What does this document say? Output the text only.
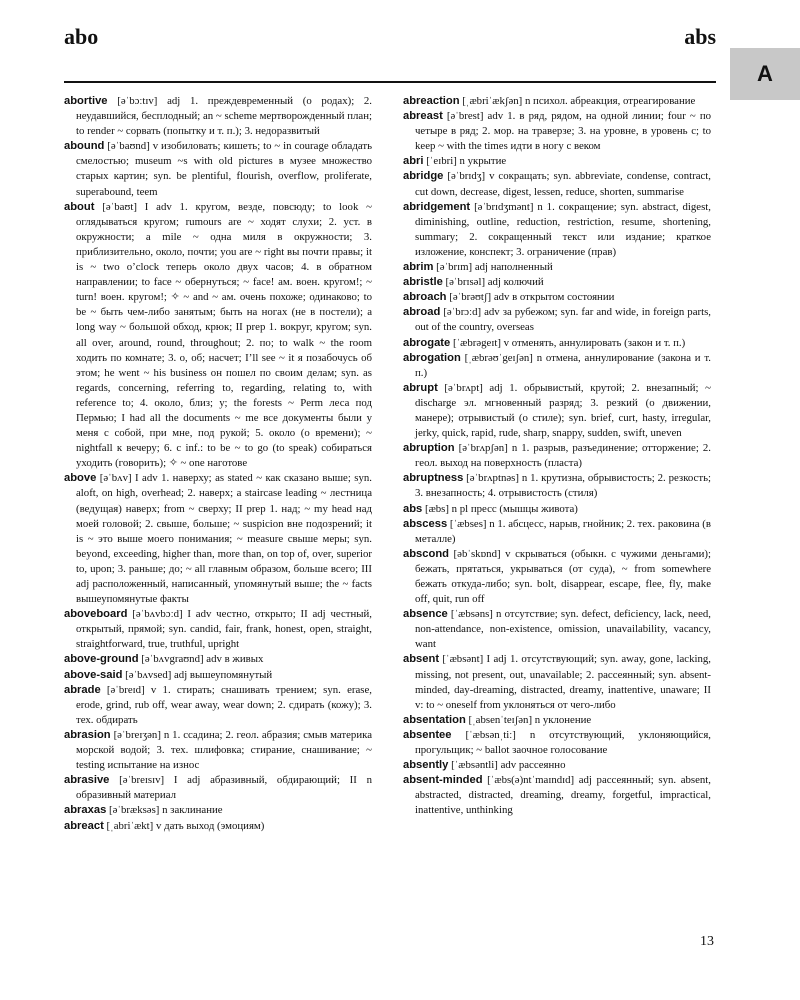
abo	abs
A

abortive [əˈbɔːtɪv] adj 1. преждевременный (о родах); 2. неудавшийся, бесплодный; an ~ scheme мертворожденный план; to render ~ сорвать (попытку и т. п.); 3. недоразвитый

abound [əˈbaʊnd] v изобиловать; кишеть; to ~ in courage обладать смелостью; museum ~s with old pictures в музее множество старых картин; syn. be plentiful, flourish, overflow, proliferate, superabound, teem

about [əˈbaʊt] I adv 1. кругом, везде, повсюду; to look ~ оглядываться кругом; rumours are ~ ходят слухи; 2. уст. в окружности; a mile ~ одна миля в окружности; 3. приблизительно, около, почти; you are ~ right вы почти правы; it is ~ two o’clock теперь около двух часов; 4. в обратном направлении; to face ~ обернуться; ~ face! ам. воен. кругом!; ~ turn! воен. кругом!; ✧ ~ and ~ ам. очень похоже; одинаково; to be ~ быть чем-либо занятым; быть на ногах (не в постели); a long way ~ большой обход, крюк; II prep 1. вокруг, кругом; syn. all over, around, round, throughout; 2. по; to walk ~ the room ходить по комнате; 3. о, об; насчет; I’ll see ~ it я позабочусь об этом; he went ~ his business он пошел по своим делам; syn. as regards, concerning, referring to, regarding, relating to, with reference to; 4. около, близ; у; the forests ~ Perm леса под Пермью; I had all the documents ~ me все документы были у меня с собой, при мне, под рукой; 5. около (о времени); ~ nightfall к вечеру; 6. с inf.: to be ~ to go (to speak) собираться уходить (говорить); ✧ ~ one наготове

above [əˈbʌv] I adv 1. наверху; as stated ~ как сказано выше; syn. aloft, on high, overhead; 2. наверх; a staircase leading ~ лестница (ведущая) наверх; from ~ сверху; II prep 1. над; ~ my head над моей головой; 2. свыше, больше; ~ suspicion вне подозрений; it is ~ это выше моего понимания; ~ measure свыше меры; syn. beyond, exceeding, higher than, more than, on top of, over, superior to, upon; 3. раньше; до; ~ all главным образом, больше всего; III adj расположенный, написанный, упомянутый выше; the ~ facts вышеупомянутые факты

aboveboard [əˈbʌvbɔːd] I adv честно, открыто; II adj честный, открытый, прямой; syn. candid, fair, frank, honest, open, straight, straightforward, true, truthful, upright

above-ground [əˈbʌvgraʊnd] adv в живых

above-said [əˈbʌvsed] adj вышеупомянутый

abrade [əˈbreɪd] v 1. стирать; снашивать трением; syn. erase, erode, grind, rub off, wear away, wear down; 2. сдирать (кожу); 3. тех. обдирать

abrasion [əˈbreɪʒən] n 1. ссадина; 2. геол. абразия; смыв материка морской водой; 3. тех. шлифовка; стирание, снашивание; ~ testing испытание на износ

abrasive [əˈbreɪsɪv] I adj абразивный, обдирающий; II n образивный материал

abraxas [əˈbræksəs] n заклинание

abreact [ˌabriˈækt] v дать выход (эмоциям)

abreaction [ˌæbriˈækʃən] n психол. абреакция, отреагирование

abreast [əˈbrest] adv 1. в ряд, рядом, на одной линии; four ~ по четыре в ряд; 2. мор. на траверзе; 3. на уровне, в уровень с; to keep ~ with the times идти в ногу с веком

abri [ˈeɪbri] n укрытие

abridge [əˈbrɪdʒ] v сокращать; syn. abbreviate, condense, contract, cut down, decrease, digest, lessen, reduce, shorten, summarise

abridgement [əˈbrɪdʒmənt] n 1. сокращение; syn. abstract, digest, diminishing, outline, reduction, restriction, resume, shortening, summary; 2. сокращенный текст или издание; краткое изложение, конспект; 3. ограничение (прав)

abrim [əˈbrɪm] adj наполненный

abristle [əˈbrɪsəl] adj колючий

abroach [əˈbrəʊtʃ] adv в открытом состоянии

abroad [əˈbrɔːd] adv за рубежом; syn. far and wide, in foreign parts, out of the country, overseas

abrogate [ˈæbrəgeɪt] v отменять, аннулировать (закон и т. п.)

abrogation [ˌæbrəʊˈgeɪʃən] n отмена, аннулирование (закона и т. п.)

abrupt [əˈbrʌpt] adj 1. обрывистый, крутой; 2. внезапный; ~ discharge эл. мгновенный разряд; 3. резкий (о движении, манере); отрывистый (о стиле); syn. brief, curt, hasty, irregular, jerky, quick, rapid, rude, sharp, snappy, sudden, swift, uneven

abruption [əˈbrʌpʃən] n 1. разрыв, разъединение; отторжение; 2. геол. выход на поверхность (пласта)

abruptness [əˈbrʌptnəs] n 1. крутизна, обрывистость; 2. резкость; 3. внезапность; 4. отрывистость (стиля)

abs [æbs] n pl пресс (мышцы живота)

abscess [ˈæbses] n 1. абсцесс, нарыв, гнойник; 2. тех. раковина (в металле)

abscond [əbˈskɒnd] v скрываться (обыкн. с чужими деньгами); бежать, прятаться, укрываться (от суда), ~ from somewhere бежать откуда-либо; syn. bolt, disappear, escape, flee, fly, make off, quit, run off

absence [ˈæbsəns] n отсутствие; syn. defect, deficiency, lack, need, non-attendance, non-existence, omission, unavailability, vacancy, want

absent [ˈæbsənt] I adj 1. отсутствующий; syn. away, gone, lacking, missing, not present, out, unavailable; 2. рассеянный; syn. absent-minded, day-dreaming, distracted, dreamy, inattentive, unaware; II v: to ~ oneself from уклоняться от чего-либо

absentation [ˌabsenˈteɪʃən] n уклонение

absentee [ˈæbsənˌtiː] n отсутствующий, уклоняющийся, прогульщик; ~ ballot заочное голосование

absently [ˈæbsəntli] adv рассеянно

absent-minded [ˈæbs(ə)ntˈmaɪndɪd] adj рассеянный; syn. absent, abstracted, distracted, dreaming, dreamy, forgetful, impractical, inattentive, unthinking

13
